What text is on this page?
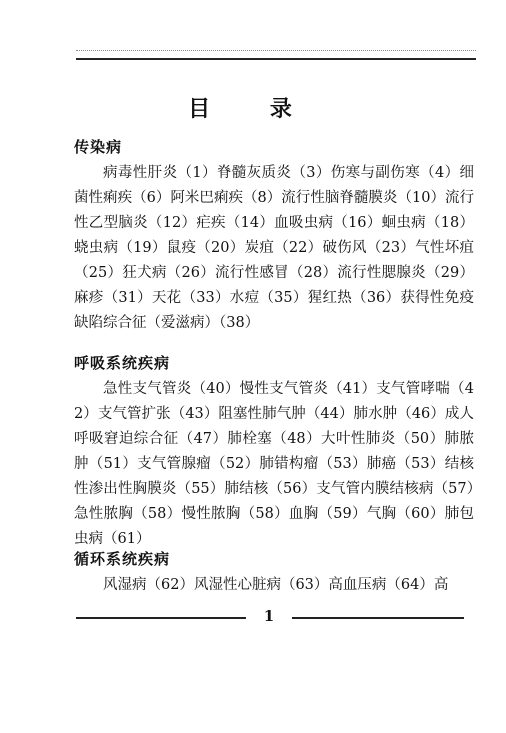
目 录
传染病

病毒性肝炎（1）脊髓灰质炎（3）伤寒与副伤寒（4）细菌性痢疾（6）阿米巴痢疾（8）流行性脑脊髓膜炎（10）流行性乙型脑炎（12）疟疾（14）血吸虫病（16）蛔虫病（18）蛲虫病（19）鼠疫（20）炭疽（22）破伤风（23）气性坏疽（25）狂犬病（26）流行性感冒（28）流行性腮腺炎（29）麻疹（31）天花（33）水痘（35）猩红热（36）获得性免疫缺陷综合征（爱滋病）（38）

呼吸系统疾病

急性支气管炎（40）慢性支气管炎（41）支气管哮喘（42）支气管扩张（43）阻塞性肺气肿（44）肺水肿（46）成人呼吸窘迫综合征（47）肺栓塞（48）大叶性肺炎（50）肺脓肿（51）支气管腺瘤（52）肺错构瘤（53）肺癌（53）结核性渗出性胸膜炎（55）肺结核（56）支气管内膜结核病（57）急性脓胸（58）慢性脓胸（58）血胸（59）气胸（60）肺包虫病（61）

循环系统疾病

风湿病（62）风湿性心脏病（63）高血压病（64）高

1
